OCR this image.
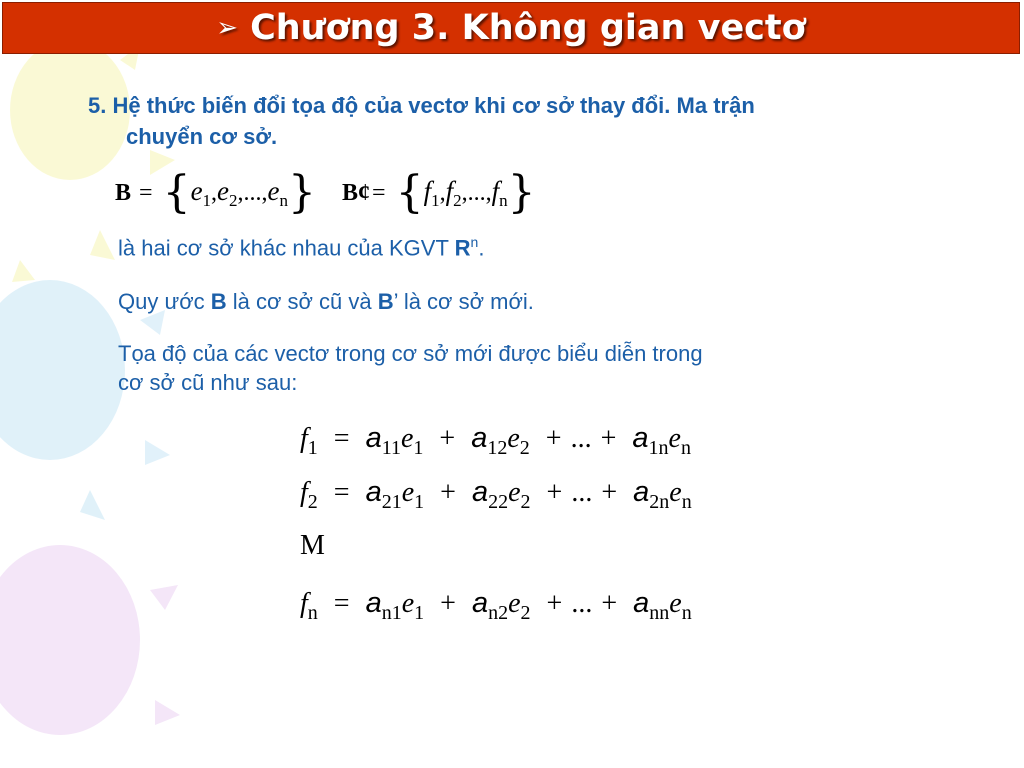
➢ Chương 3. Không gian vectơ
5. Hệ thức biến đổi tọa độ của vectơ khi cơ sở thay đổi. Ma trận
chuyển cơ sở.
B = { $e_1,e_2,...,e_n$ } B¢ = { $f_1,f_2,...,f_n$ }
là hai cơ sở khác nhau của KGVT $R^n$.
Quy ước B là cơ sở cũ và B’ là cơ sở mới.
Tọa độ của các vectơ trong cơ sở mới được biểu diễn trong
cơ sở cũ như sau:
$f_1 = a_{11}e_1 + a_{12}e_2$ + ... + $a_{1n}e_n$
$f_2 = a_{21}e_1 + a_{22}e_2$ + ... + $a_{2n}e_n$
M
$f_n = a_{n1}e_1 + a_{n2}e_2$ + ... + $a_{nn}e_n$
